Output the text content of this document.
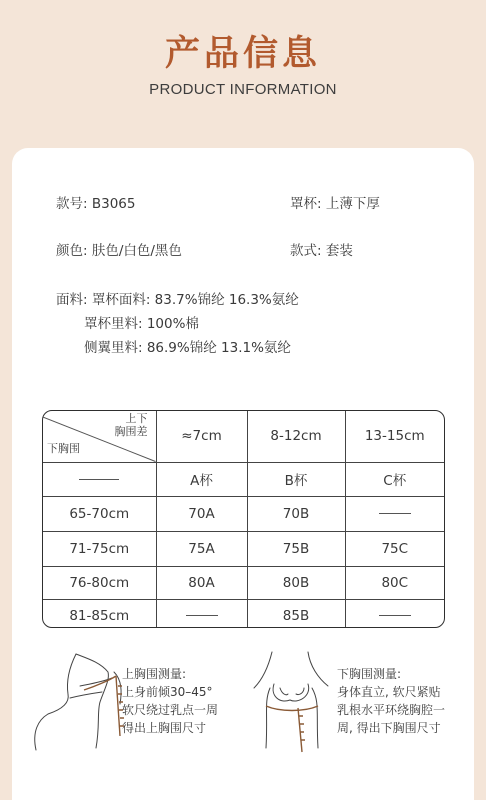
产品信息
PRODUCT INFORMATION
款号: B3065	罩杯: 上薄下厚
颜色: 肤色/白色/黑色	款式: 套装
面料: 罩杯面料: 83.7%锦纶 16.3%氨纶
罩杯里料: 100%棉
侧翼里料: 86.9%锦纶 13.1%氨纶
上下
胸围差
下胸围	≈7cm	8-12cm	13-15cm
	A杯	B杯	C杯
65-70cm	70A	70B	
71-75cm	75A	75B	75C
76-80cm	80A	80B	80C
81-85cm		85B	
上胸围测量:
上身前倾30–45°
软尺绕过乳点一周
得出上胸围尺寸
下胸围测量:
身体直立, 软尺紧贴
乳根水平环绕胸腔一
周, 得出下胸围尺寸
